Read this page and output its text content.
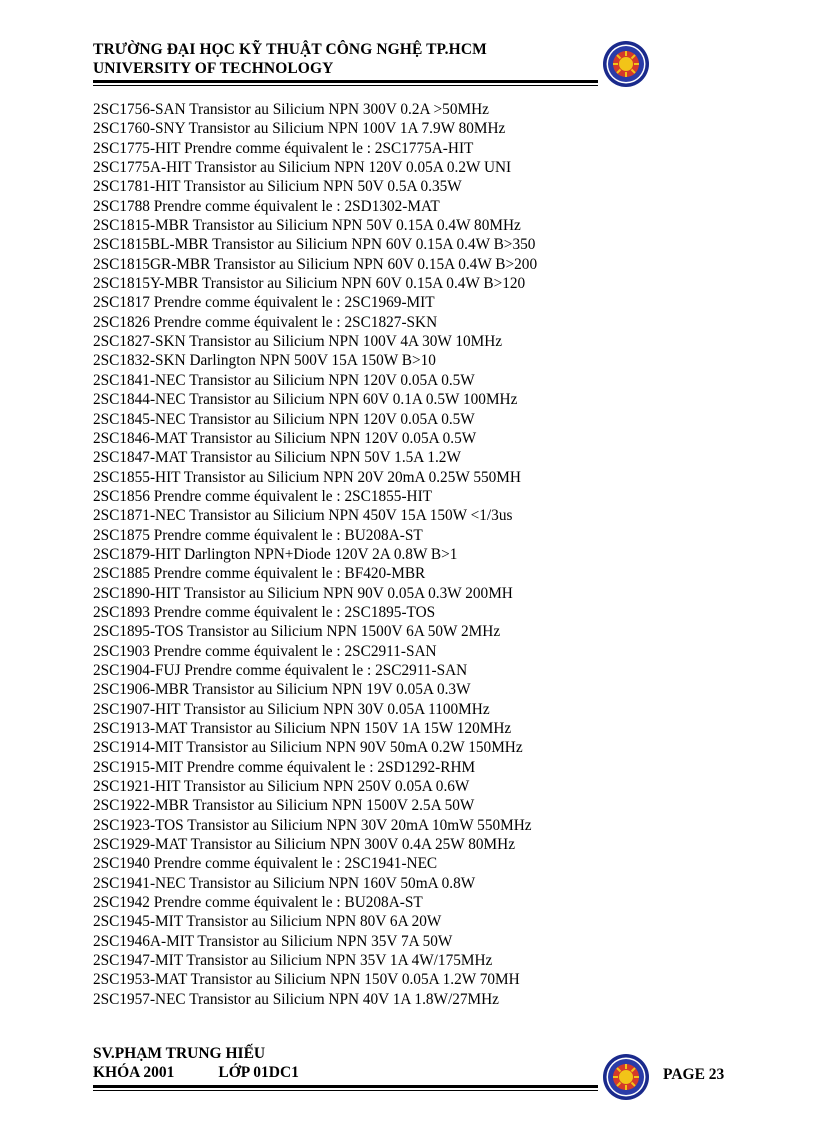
TRƯỜNG ĐẠI HỌC KỸ THUẬT CÔNG NGHỆ TP.HCM
UNIVERSITY OF TECHNOLOGY
2SC1756-SAN Transistor au Silicium NPN 300V 0.2A >50MHz
2SC1760-SNY Transistor au Silicium NPN 100V 1A 7.9W 80MHz
2SC1775-HIT Prendre comme équivalent le : 2SC1775A-HIT
2SC1775A-HIT Transistor au Silicium NPN 120V 0.05A 0.2W UNI
2SC1781-HIT Transistor au Silicium NPN 50V 0.5A 0.35W
2SC1788 Prendre comme équivalent le : 2SD1302-MAT
2SC1815-MBR Transistor au Silicium NPN 50V 0.15A 0.4W 80MHz
2SC1815BL-MBR Transistor au Silicium NPN 60V 0.15A 0.4W B>350
2SC1815GR-MBR Transistor au Silicium NPN 60V 0.15A 0.4W B>200
2SC1815Y-MBR Transistor au Silicium NPN 60V 0.15A 0.4W B>120
2SC1817 Prendre comme équivalent le : 2SC1969-MIT
2SC1826 Prendre comme équivalent le : 2SC1827-SKN
2SC1827-SKN Transistor au Silicium NPN 100V 4A 30W 10MHz
2SC1832-SKN Darlington NPN 500V 15A 150W B>10
2SC1841-NEC Transistor au Silicium NPN 120V 0.05A 0.5W
2SC1844-NEC Transistor au Silicium NPN 60V 0.1A 0.5W 100MHz
2SC1845-NEC Transistor au Silicium NPN 120V 0.05A 0.5W
2SC1846-MAT Transistor au Silicium NPN 120V 0.05A 0.5W
2SC1847-MAT Transistor au Silicium NPN 50V 1.5A 1.2W
2SC1855-HIT Transistor au Silicium NPN 20V 20mA 0.25W 550MH
2SC1856 Prendre comme équivalent le : 2SC1855-HIT
2SC1871-NEC Transistor au Silicium NPN 450V 15A 150W <1/3us
2SC1875 Prendre comme équivalent le : BU208A-ST
2SC1879-HIT Darlington NPN+Diode 120V 2A 0.8W B>1
2SC1885 Prendre comme équivalent le : BF420-MBR
2SC1890-HIT Transistor au Silicium NPN 90V 0.05A 0.3W 200MH
2SC1893 Prendre comme équivalent le : 2SC1895-TOS
2SC1895-TOS Transistor au Silicium NPN 1500V 6A 50W 2MHz
2SC1903 Prendre comme équivalent le : 2SC2911-SAN
2SC1904-FUJ Prendre comme équivalent le : 2SC2911-SAN
2SC1906-MBR Transistor au Silicium NPN 19V 0.05A 0.3W
2SC1907-HIT Transistor au Silicium NPN 30V 0.05A 1100MHz
2SC1913-MAT Transistor au Silicium NPN 150V 1A 15W 120MHz
2SC1914-MIT Transistor au Silicium NPN 90V 50mA 0.2W 150MHz
2SC1915-MIT Prendre comme équivalent le : 2SD1292-RHM
2SC1921-HIT Transistor au Silicium NPN 250V 0.05A 0.6W
2SC1922-MBR Transistor au Silicium NPN 1500V 2.5A 50W
2SC1923-TOS Transistor au Silicium NPN 30V 20mA 10mW 550MHz
2SC1929-MAT Transistor au Silicium NPN 300V 0.4A 25W 80MHz
2SC1940 Prendre comme équivalent le : 2SC1941-NEC
2SC1941-NEC Transistor au Silicium NPN 160V 50mA 0.8W
2SC1942 Prendre comme équivalent le : BU208A-ST
2SC1945-MIT Transistor au Silicium NPN 80V 6A 20W
2SC1946A-MIT Transistor au Silicium NPN 35V 7A 50W
2SC1947-MIT Transistor au Silicium NPN 35V 1A 4W/175MHz
2SC1953-MAT Transistor au Silicium NPN 150V 0.05A 1.2W 70MH
2SC1957-NEC Transistor au Silicium NPN 40V 1A 1.8W/27MHz
SV.PHẠM TRUNG HIẾU
KHÓA 2001	LỚP 01DC1	PAGE 23
